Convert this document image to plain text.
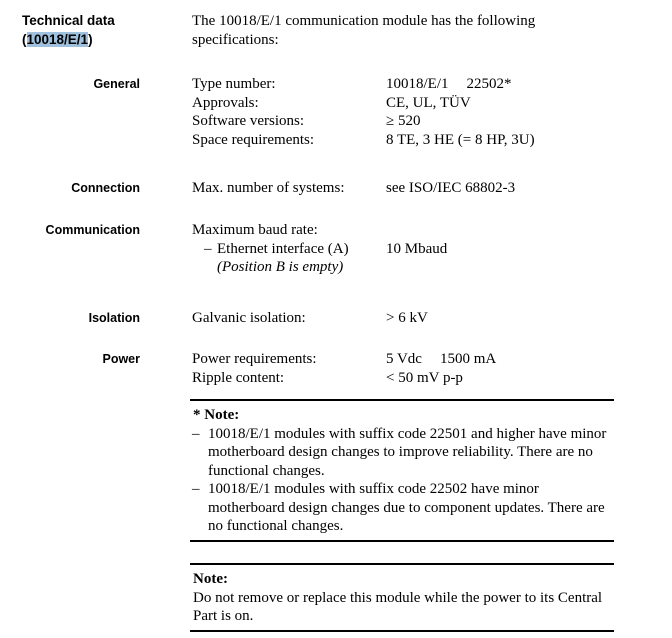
Technical data
(10018/E/1)
The 10018/E/1 communication module has the following specifications:
General	Type number:	10018/E/1 22502*
Approvals:	CE, UL, TÜV
Software versions:	≥ 520
Space requirements:	8 TE, 3 HE (= 8 HP, 3U)
Connection	Max. number of systems:	see ISO/IEC 68802-3
Communication	Maximum baud rate:
– Ethernet interface (A) 10 Mbaud
(Position B is empty)
Isolation	Galvanic isolation:	> 6 kV
Power	Power requirements:	5 Vdc 1500 mA
Ripple content:	< 50 mV p-p
* Note:
– 10018/E/1 modules with suffix code 22501 and higher have minor motherboard design changes to improve reliability. There are no functional changes.
– 10018/E/1 modules with suffix code 22502 have minor motherboard design changes due to component updates. There are no functional changes.
Note:
Do not remove or replace this module while the power to its Central Part is on.
